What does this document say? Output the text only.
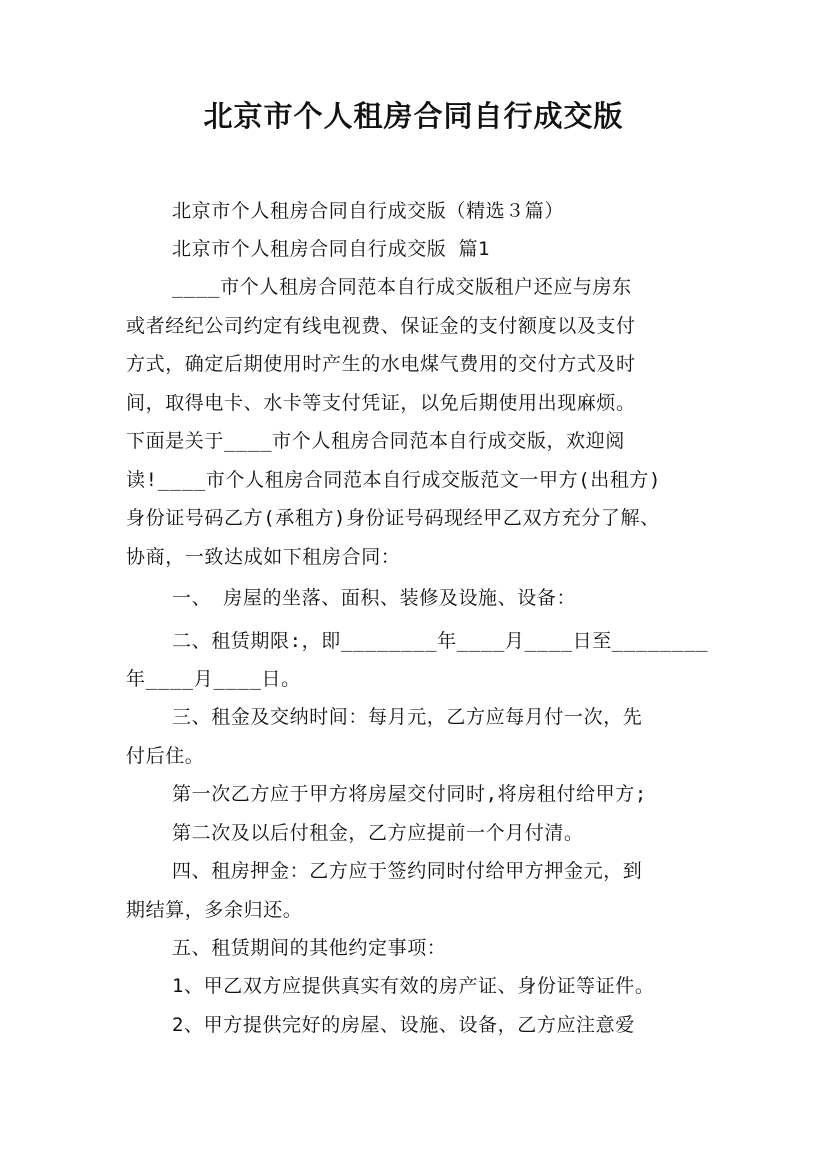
北京市个人租房合同自行成交版
北京市个人租房合同自行成交版（精选３篇）
北京市个人租房合同自行成交版 篇1
____市个人租房合同范本自行成交版租户还应与房东
或者经纪公司约定有线电视费、保证金的支付额度以及支付
方式，确定后期使用时产生的水电煤气费用的交付方式及时
间，取得电卡、水卡等支付凭证，以免后期使用出现麻烦。
下面是关于____市个人租房合同范本自行成交版，欢迎阅
读!____市个人租房合同范本自行成交版范文一甲方(出租方)
身份证号码乙方(承租方)身份证号码现经甲乙双方充分了解、
协商，一致达成如下租房合同：
一、 房屋的坐落、面积、装修及设施、设备：
二、租赁期限:，即________年____月____日至________
年____月____日。
三、租金及交纳时间：每月元，乙方应每月付一次，先
付后住。
第一次乙方应于甲方将房屋交付同时,将房租付给甲方;
第二次及以后付租金，乙方应提前一个月付清。
四、租房押金：乙方应于签约同时付给甲方押金元，到
期结算，多余归还。
五、租赁期间的其他约定事项：
1、甲乙双方应提供真实有效的房产证、身份证等证件。
2、甲方提供完好的房屋、设施、设备，乙方应注意爱
